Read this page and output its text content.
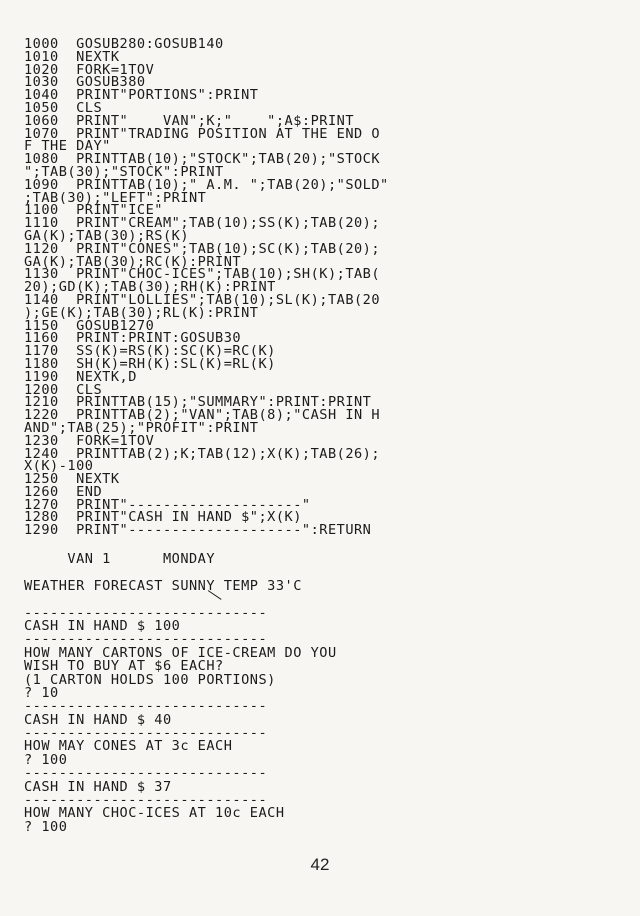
1000  GOSUB280:GOSUB140
1010  NEXTK
1020  FORK=1TOV
1030  GOSUB380
1040  PRINT"PORTIONS":PRINT
1050  CLS
1060  PRINT"    VAN";K;"    ";A$:PRINT
1070  PRINT"TRADING POSITION AT THE END O
F THE DAY"
1080  PRINTTAB(10);"STOCK";TAB(20);"STOCK
";TAB(30);"STOCK":PRINT
1090  PRINTTAB(10);" A.M. ";TAB(20);"SOLD"
;TAB(30);"LEFT":PRINT
1100  PRINT"ICE"
1110  PRINT"CREAM";TAB(10);SS(K);TAB(20);
GA(K);TAB(30);RS(K)
1120  PRINT"CONES";TAB(10);SC(K);TAB(20);
GA(K);TAB(30);RC(K):PRINT
1130  PRINT"CHOC-ICES";TAB(10);SH(K);TAB(
20);GD(K);TAB(30);RH(K):PRINT
1140  PRINT"LOLLIES";TAB(10);SL(K);TAB(20
);GE(K);TAB(30);RL(K):PRINT
1150  GOSUB1270
1160  PRINT:PRINT:GOSUB30
1170  SS(K)=RS(K):SC(K)=RC(K)
1180  SH(K)=RH(K):SL(K)=RL(K)
1190  NEXTK,D
1200  CLS
1210  PRINTTAB(15);"SUMMARY":PRINT:PRINT
1220  PRINTTAB(2);"VAN";TAB(8);"CASH IN H
AND";TAB(25);"PROFIT":PRINT
1230  FORK=1TOV
1240  PRINTTAB(2);K;TAB(12);X(K);TAB(26);
X(K)-100
1250  NEXTK
1260  END
1270  PRINT"--------------------"
1280  PRINT"CASH IN HAND $";X(K)
1290  PRINT"--------------------":RETURN
VAN 1      MONDAY
WEATHER FORECAST SUNNY TEMP 33'C
----------------------------
CASH IN HAND $ 100
----------------------------
HOW MANY CARTONS OF ICE-CREAM DO YOU
WISH TO BUY AT $6 EACH?
(1 CARTON HOLDS 100 PORTIONS)
? 10
----------------------------
CASH IN HAND $ 40
----------------------------
HOW MAY CONES AT 3c EACH
? 100
----------------------------
CASH IN HAND $ 37
----------------------------
HOW MANY CHOC-ICES AT 10c EACH
? 100
42
